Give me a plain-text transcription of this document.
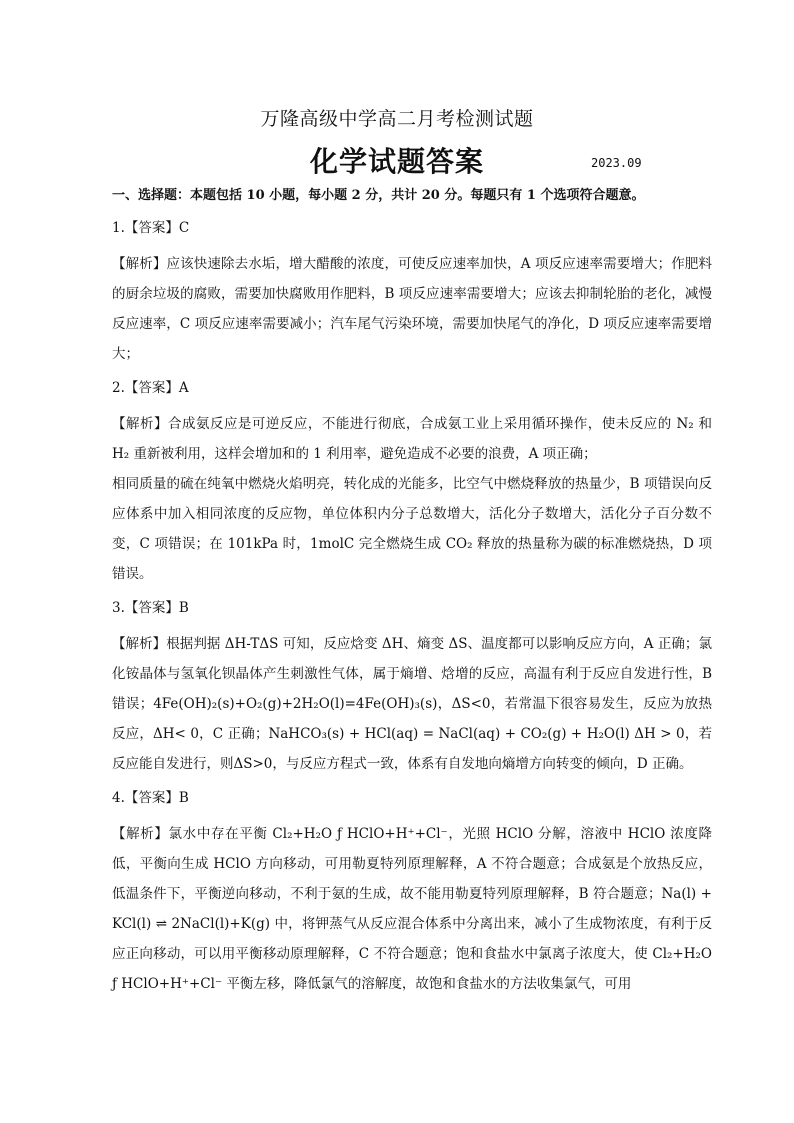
万隆高级中学高二月考检测试题
化学试题答案	2023.09
一、选择题：本题包括 10 小题，每小题 2 分，共计 20 分。每题只有 1 个选项符合题意。
1.【答案】C
【解析】应该快速除去水垢，增大醋酸的浓度，可使反应速率加快，A 项反应速率需要增大；作肥料的厨余垃圾的腐败，需要加快腐败用作肥料，B 项反应速率需要增大；应该去抑制轮胎的老化，减慢反应速率，C 项反应速率需要减小；汽车尾气污染环境，需要加快尾气的净化，D 项反应速率需要增大；
2.【答案】A
【解析】合成氨反应是可逆反应，不能进行彻底，合成氨工业上采用循环操作，使未反应的 N₂ 和 H₂ 重新被利用，这样会增加和的 1 利用率，避免造成不必要的浪费，A 项正确；
相同质量的硫在纯氧中燃烧火焰明亮，转化成的光能多，比空气中燃烧释放的热量少，B 项错误向反应体系中加入相同浓度的反应物，单位体积内分子总数增大，活化分子数增大，活化分子百分数不变，C 项错误；在 101kPa 时，1molC 完全燃烧生成 CO₂ 释放的热量称为碳的标准燃烧热，D 项错误。
3.【答案】B
【解析】根据判据 ΔH-TΔS 可知，反应焓变 ΔH、熵变 ΔS、温度都可以影响反应方向，A 正确；氯化铵晶体与氢氧化钡晶体产生刺激性气体，属于熵增、焓增的反应，高温有利于反应自发进行性，B 错误；4Fe(OH)₂(s)+O₂(g)+2H₂O(l)=4Fe(OH)₃(s)，ΔS<0，若常温下很容易发生，反应为放热反应，ΔH< 0，C 正确；NaHCO₃(s) + HCl(aq) = NaCl(aq) + CO₂(g) + H₂O(l) ΔH > 0，若反应能自发进行，则ΔS>0，与反应方程式一致，体系有自发地向熵增方向转变的倾向，D 正确。
4.【答案】B
【解析】氯水中存在平衡 Cl₂+H₂O ƒ HClO+H⁺+Cl⁻，光照 HClO 分解，溶液中 HClO 浓度降低，平衡向生成 HClO 方向移动，可用勒夏特列原理解释，A 不符合题意；合成氨是个放热反应，低温条件下，平衡逆向移动，不利于氨的生成，故不能用勒夏特列原理解释，B 符合题意；Na(l) + KCl(l) ⇌ 2NaCl(l)+K(g) 中，将钾蒸气从反应混合体系中分离出来，减小了生成物浓度，有利于反应正向移动，可以用平衡移动原理解释，C 不符合题意；饱和食盐水中氯离子浓度大，使 Cl₂+H₂O ƒ HClO+H⁺+Cl⁻ 平衡左移，降低氯气的溶解度，故饱和食盐水的方法收集氯气，可用
